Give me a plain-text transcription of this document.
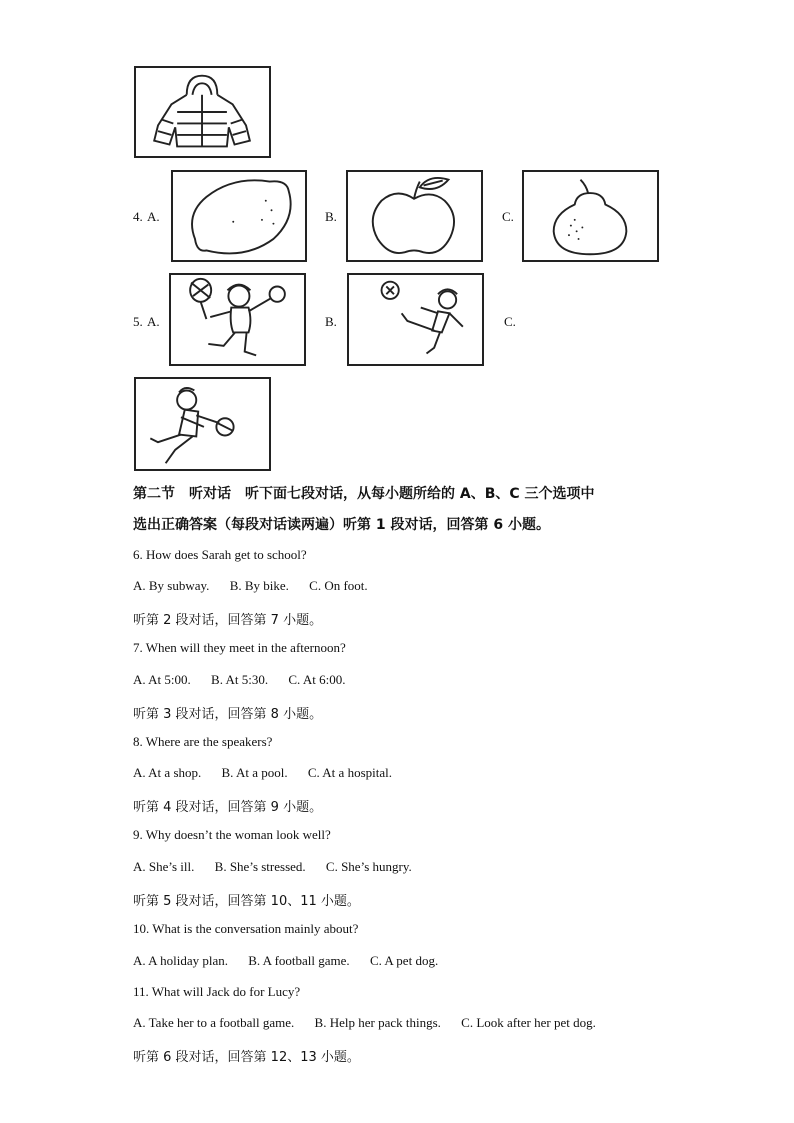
4. A.	B.	C.
5. A.	B.	C.
第二节　听对话　听下面七段对话，从每小题所给的 A、B、C 三个选项中
选出正确答案（每段对话读两遍）听第 1 段对话，回答第 6 小题。
6. How does Sarah get to school?
A. By subway. B. By bike. C. On foot.
听第 2 段对话，回答第 7 小题。
7. When will they meet in the afternoon?
A. At 5:00. B. At 5:30. C. At 6:00.
听第 3 段对话，回答第 8 小题。
8. Where are the speakers?
A. At a shop. B. At a pool. C. At a hospital.
听第 4 段对话，回答第 9 小题。
9. Why doesn’t the woman look well?
A. She’s ill. B. She’s stressed. C. She’s hungry.
听第 5 段对话，回答第 10、11 小题。
10. What is the conversation mainly about?
A. A holiday plan. B. A football game. C. A pet dog.
11. What will Jack do for Lucy?
A. Take her to a football game. B. Help her pack things. C. Look after her pet dog.
听第 6 段对话，回答第 12、13 小题。
